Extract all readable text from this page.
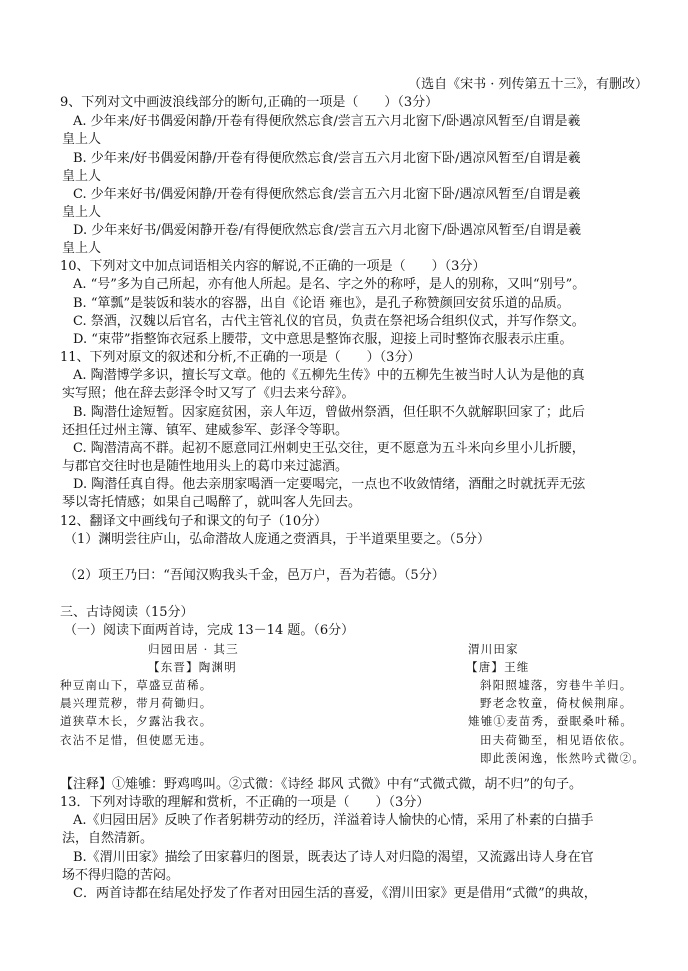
（选自《宋书 · 列传第五十三》，有删改）
9、下列对文中画波浪线部分的断句,正确的一项是（　　）（3分）
A. 少年来/好书偶爱闲静/开卷有得便欣然忘食/尝言五六月北窗下/卧遇凉风暂至/自谓是羲
皇上人
B. 少年来/好书偶爱闲静/开卷有得便欣然忘食/尝言五六月北窗下卧/遇凉风暂至/自谓是羲
皇上人
C. 少年来好书/偶爱闲静/开卷有得便欣然忘食/尝言五六月北窗下卧/遇凉风暂至/自谓是羲
皇上人
D. 少年来好书/偶爱闲静开卷/有得便欣然忘食/尝言五六月北窗下/卧遇凉风暂至/自谓是羲
皇上人
10、下列对文中加点词语相关内容的解说,不正确的一项是（　　）（3分）
A. “号”多为自己所起，亦有他人所起。是名、字之外的称呼，是人的别称，又叫“别号”。
B. “箪瓢”是装饭和装水的容器，出自《论语 雍也》，是孔子称赞颜回安贫乐道的品质。
C. 祭酒，汉魏以后官名，古代主管礼仪的官员，负责在祭祀场合组织仪式，并写作祭文。
D. “束带”指整饰衣冠系上腰带，文中意思是整饰衣服，迎接上司时整饰衣服表示庄重。
11、下列对原文的叙述和分析,不正确的一项是（　　）（3分）
A. 陶潜博学多识，擅长写文章。他的《五柳先生传》中的五柳先生被当时人认为是他的真
实写照；他在辞去彭泽令时又写了《归去来兮辞》。
B. 陶潜仕途短暂。因家庭贫困，亲人年迈，曾做州祭酒，但任职不久就解职回家了；此后
还担任过州主簿、镇军、建威参军、彭泽令等职。
C. 陶潜清高不群。起初不愿意同江州刺史王弘交往，更不愿意为五斗米向乡里小儿折腰，
与郡官交往时也是随性地用头上的葛巾来过滤酒。
D. 陶潜任真自得。他去亲朋家喝酒一定要喝完，一点也不收敛情绪，酒酣之时就抚弄无弦
琴以寄托情感；如果自己喝醉了，就叫客人先回去。
12、翻译文中画线句子和课文的句子（10分）
（1）渊明尝往庐山，弘命潜故人庞通之赍酒具，于半道栗里要之。（5分）
（2）项王乃曰：“吾闻汉购我头千金，邑万户，吾为若德。（5分）
三、古诗阅读（15分）
（一）阅读下面两首诗，完成 13－14 题。（6分）
归园田居 · 其三
【东晋】陶渊明
种豆南山下，草盛豆苗稀。
晨兴理荒秽，带月荷锄归。
道狭草木长，夕露沾我衣。
衣沾不足惜，但使愿无违。
渭川田家
【唐】王维
斜阳照墟落，穷巷牛羊归。
野老念牧童，倚杖候荆扉。
雉雊①麦苗秀，蚕眠桑叶稀。
田夫荷锄至，相见语依依。
即此羡闲逸，怅然吟式微②。
【注释】①雉雊：野鸡鸣叫。②式微：《诗经 邶风 式微》中有“式微式微，胡不归”的句子。
13．下列对诗歌的理解和赏析，不正确的一项是（　　）（3分）
A.《归园田居》反映了作者躬耕劳动的经历，洋溢着诗人愉快的心情，采用了朴素的白描手
法，自然清新。
B.《渭川田家》描绘了田家暮归的图景，既表达了诗人对归隐的渴望，又流露出诗人身在官
场不得归隐的苦闷。
C．两首诗都在结尾处抒发了作者对田园生活的喜爱，《渭川田家》更是借用“式微”的典故，
